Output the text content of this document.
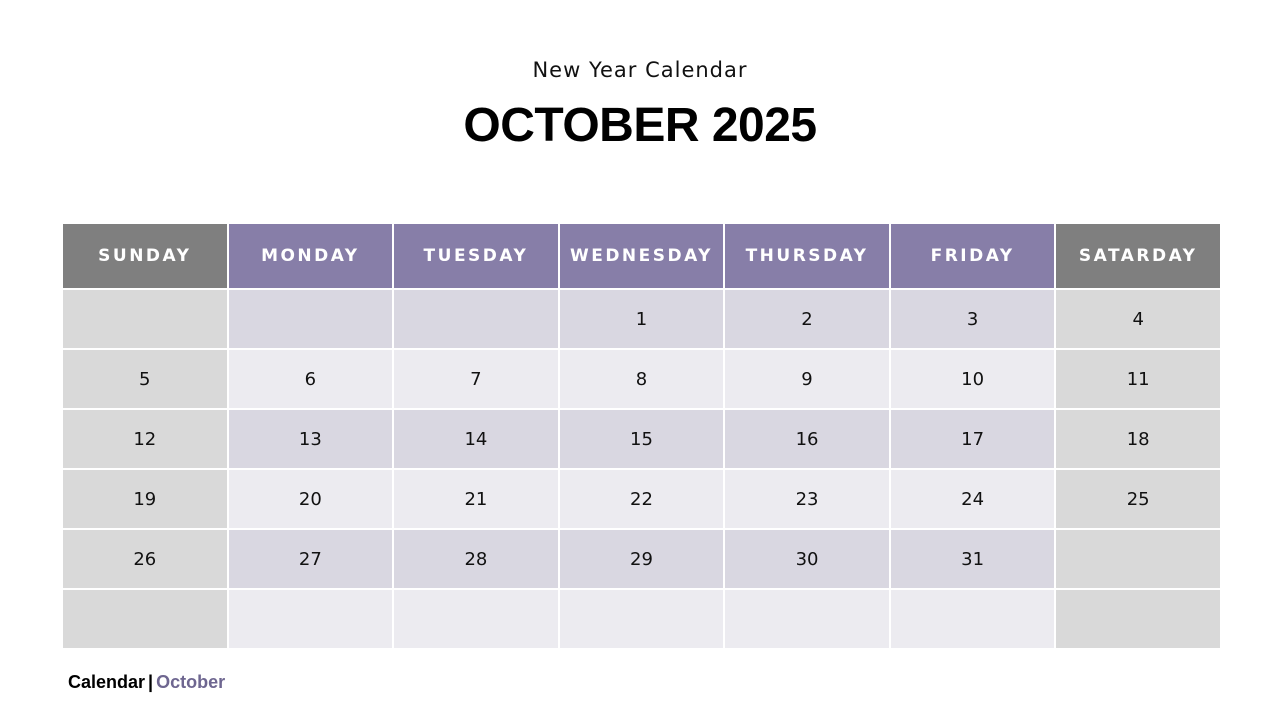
New Year Calendar
OCTOBER 2025
SUNDAY	MONDAY	TUESDAY	WEDNESDAY	THURSDAY	FRIDAY	SATARDAY
			1	2	3	4
5	6	7	8	9	10	11
12	13	14	15	16	17	18
19	20	21	22	23	24	25
26	27	28	29	30	31	

Calendar | October
